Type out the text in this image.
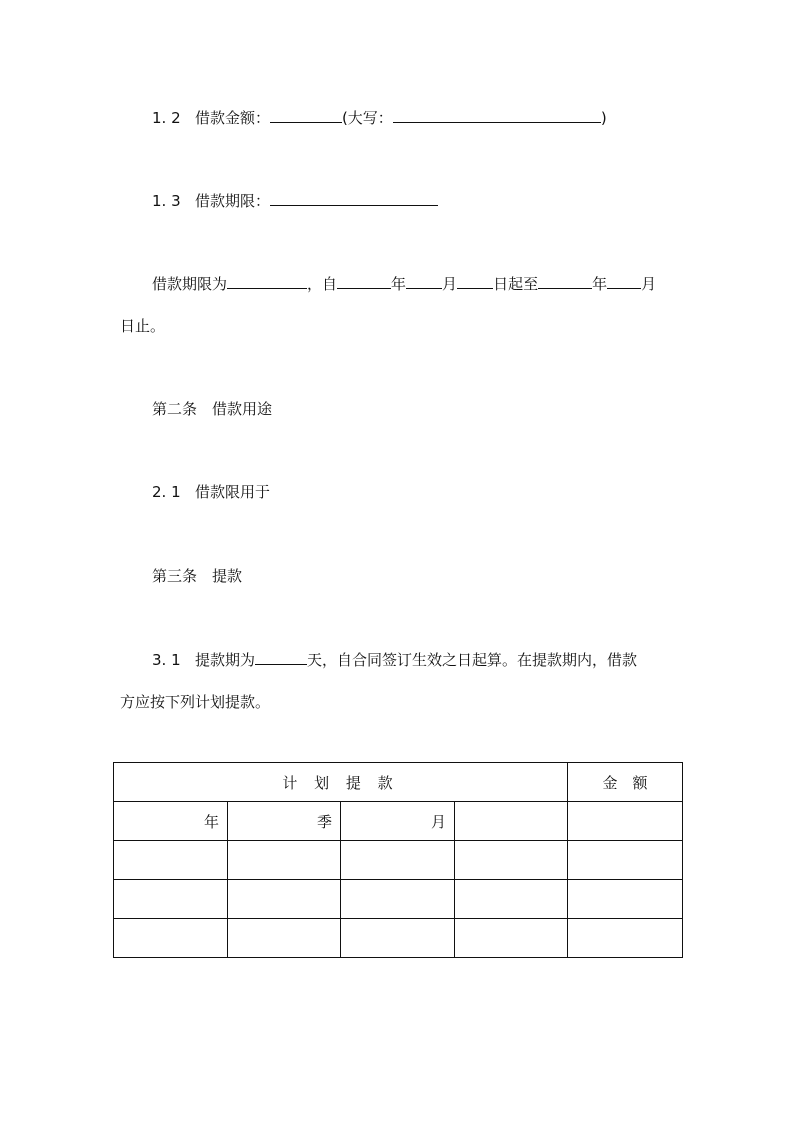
1. 2 借款金额：	(大写：	)
1. 3 借款期限：
借款期限为	，自	年 月 日起至	年 月
日止。
第二条　借款用途
2. 1 借款限用于
第三条　提款
3. 1 提款期为	天，自合同签订生效之日起算。在提款期内，借款
方应按下列计划提款。
计 划 提 款				金　额
年	季	月		
